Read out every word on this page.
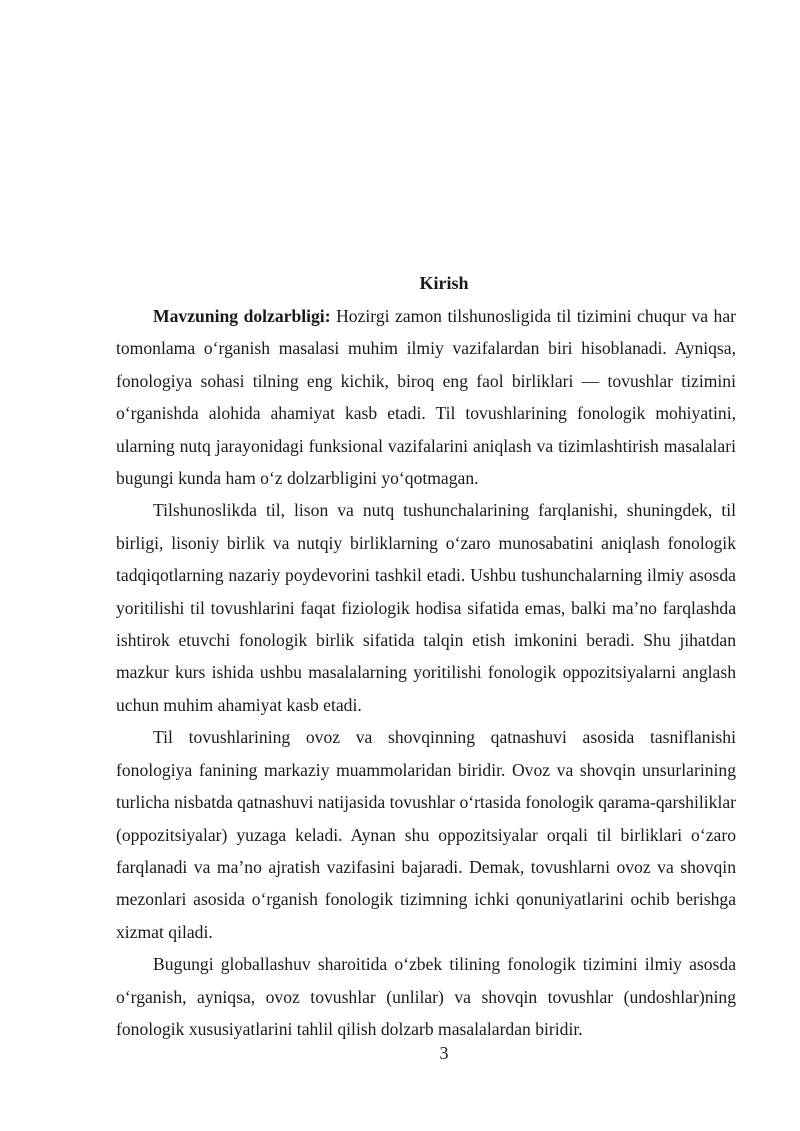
Kirish

Mavzuning dolzarbligi: Hozirgi zamon tilshunosligida til tizimini chuqur va har tomonlama o‘rganish masalasi muhim ilmiy vazifalardan biri hisoblanadi. Ayniqsa, fonologiya sohasi tilning eng kichik, biroq eng faol birliklari — tovushlar tizimini o‘rganishda alohida ahamiyat kasb etadi. Til tovushlarining fonologik mohiyatini, ularning nutq jarayonidagi funksional vazifalarini aniqlash va tizimlashtirish masalalari bugungi kunda ham o‘z dolzarbligini yo‘qotmagan.

Tilshunoslikda til, lison va nutq tushunchalarining farqlanishi, shuningdek, til birligi, lisoniy birlik va nutqiy birliklarning o‘zaro munosabatini aniqlash fonologik tadqiqotlarning nazariy poydevorini tashkil etadi. Ushbu tushunchalarning ilmiy asosda yoritilishi til tovushlarini faqat fiziologik hodisa sifatida emas, balki ma’no farqlashda ishtirok etuvchi fonologik birlik sifatida talqin etish imkonini beradi. Shu jihatdan mazkur kurs ishida ushbu masalalarning yoritilishi fonologik oppozitsiyalarni anglash uchun muhim ahamiyat kasb etadi.

Til tovushlarining ovoz va shovqinning qatnashuvi asosida tasniflanishi fonologiya fanining markaziy muammolaridan biridir. Ovoz va shovqin unsurlarining turlicha nisbatda qatnashuvi natijasida tovushlar o‘rtasida fonologik qarama-qarshiliklar (oppozitsiyalar) yuzaga keladi. Aynan shu oppozitsiyalar orqali til birliklari o‘zaro farqlanadi va ma’no ajratish vazifasini bajaradi. Demak, tovushlarni ovoz va shovqin mezonlari asosida o‘rganish fonologik tizimning ichki qonuniyatlarini ochib berishga xizmat qiladi.

Bugungi globallashuv sharoitida o‘zbek tilining fonologik tizimini ilmiy asosda o‘rganish, ayniqsa, ovoz tovushlar (unlilar) va shovqin tovushlar (undoshlar)ning fonologik xususiyatlarini tahlil qilish dolzarb masalalardan biridir.

3
